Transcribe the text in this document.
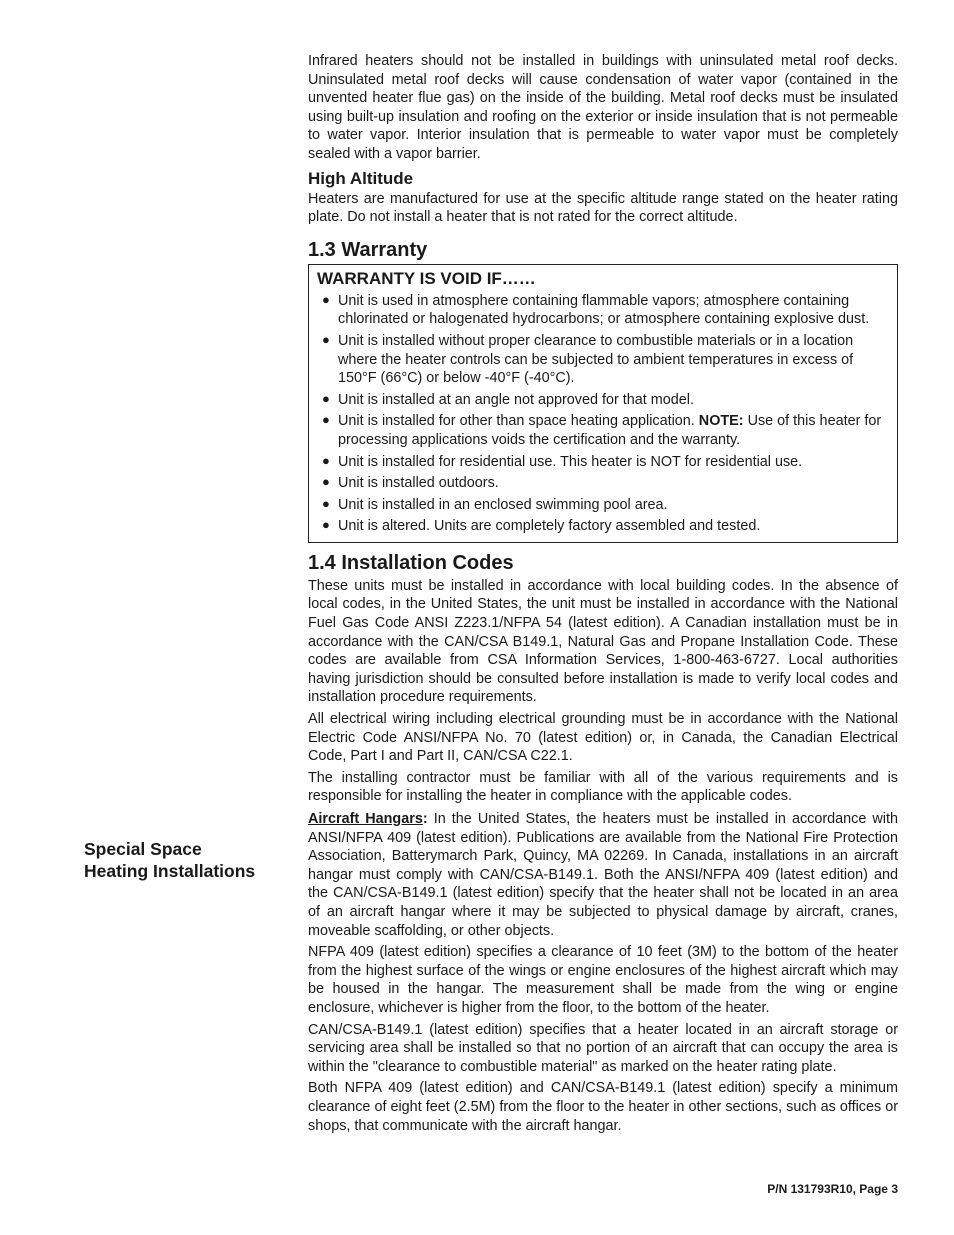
Infrared heaters should not be installed in buildings with uninsulated metal roof decks. Uninsulated metal roof decks will cause condensation of water vapor (contained in the unvented heater flue gas) on the inside of the building. Metal roof decks must be insulated using built-up insulation and roofing on the exterior or inside insulation that is not permeable to water vapor. Interior insulation that is permeable to water vapor must be completely sealed with a vapor barrier.

High Altitude

Heaters are manufactured for use at the specific altitude range stated on the heater rating plate. Do not install a heater that is not rated for the correct altitude.

1.3 Warranty
WARRANTY IS VOID IF……
● Unit is used in atmosphere containing flammable vapors; atmosphere containing chlorinated or halogenated hydrocarbons; or atmosphere containing explosive dust.
● Unit is installed without proper clearance to combustible materials or in a location where the heater controls can be subjected to ambient temperatures in excess of 150°F (66°C) or below -40°F (-40°C).
● Unit is installed at an angle not approved for that model.
● Unit is installed for other than space heating application. NOTE: Use of this heater for processing applications voids the certification and the warranty.
● Unit is installed for residential use. This heater is NOT for residential use.
● Unit is installed outdoors.
● Unit is installed in an enclosed swimming pool area.
● Unit is altered. Units are completely factory assembled and tested.
1.4 Installation Codes

These units must be installed in accordance with local building codes. In the absence of local codes, in the United States, the unit must be installed in accordance with the National Fuel Gas Code ANSI Z223.1/NFPA 54 (latest edition). A Canadian installation must be in accordance with the CAN/CSA B149.1, Natural Gas and Propane Installation Code. These codes are available from CSA Information Services, 1-800-463-6727. Local authorities having jurisdiction should be consulted before installation is made to verify local codes and installation procedure requirements.

All electrical wiring including electrical grounding must be in accordance with the National Electric Code ANSI/NFPA No. 70 (latest edition) or, in Canada, the Canadian Electrical Code, Part I and Part II, CAN/CSA C22.1.

The installing contractor must be familiar with all of the various requirements and is responsible for installing the heater in compliance with the applicable codes.

Aircraft Hangars: In the United States, the heaters must be installed in accordance with ANSI/NFPA 409 (latest edition). Publications are available from the National Fire Protection Association, Batterymarch Park, Quincy, MA 02269. In Canada, installations in an aircraft hangar must comply with CAN/CSA-B149.1. Both the ANSI/NFPA 409 (latest edition) and the CAN/CSA-B149.1 (latest edition) specify that the heater shall not be located in an area of an aircraft hangar where it may be subjected to physical damage by aircraft, cranes, moveable scaffolding, or other objects.

NFPA 409 (latest edition) specifies a clearance of 10 feet (3M) to the bottom of the heater from the highest surface of the wings or engine enclosures of the highest aircraft which may be housed in the hangar. The measurement shall be made from the wing or engine enclosure, whichever is higher from the floor, to the bottom of the heater.

CAN/CSA-B149.1 (latest edition) specifies that a heater located in an aircraft storage or servicing area shall be installed so that no portion of an aircraft that can occupy the area is within the "clearance to combustible material" as marked on the heater rating plate.

Both NFPA 409 (latest edition) and CAN/CSA-B149.1 (latest edition) specify a minimum clearance of eight feet (2.5M) from the floor to the heater in other sections, such as offices or shops, that communicate with the aircraft hangar.

Special Space
Heating Installations
P/N 131793R10, Page 3
